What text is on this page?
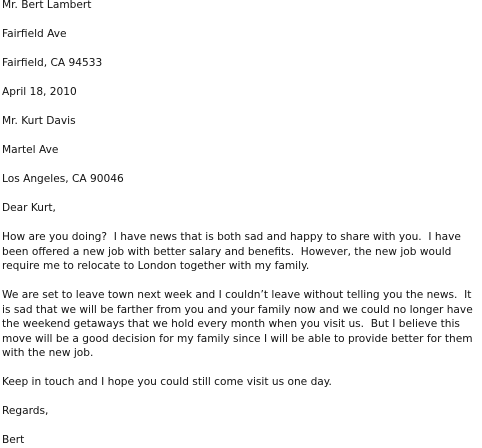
Mr. Bert Lambert

Fairfield Ave

Fairfield, CA 94533

April 18, 2010

Mr. Kurt Davis

Martel Ave

Los Angeles, CA 90046

Dear Kurt,

How are you doing?  I have news that is both sad and happy to share with you.  I have been offered a new job with better salary and benefits.  However, the new job would require me to relocate to London together with my family.

We are set to leave town next week and I couldn’t leave without telling you the news.  It is sad that we will be farther from you and your family now and we could no longer have the weekend getaways that we hold every month when you visit us.  But I believe this move will be a good decision for my family since I will be able to provide better for them with the new job.

Keep in touch and I hope you could still come visit us one day.

Regards,

Bert
